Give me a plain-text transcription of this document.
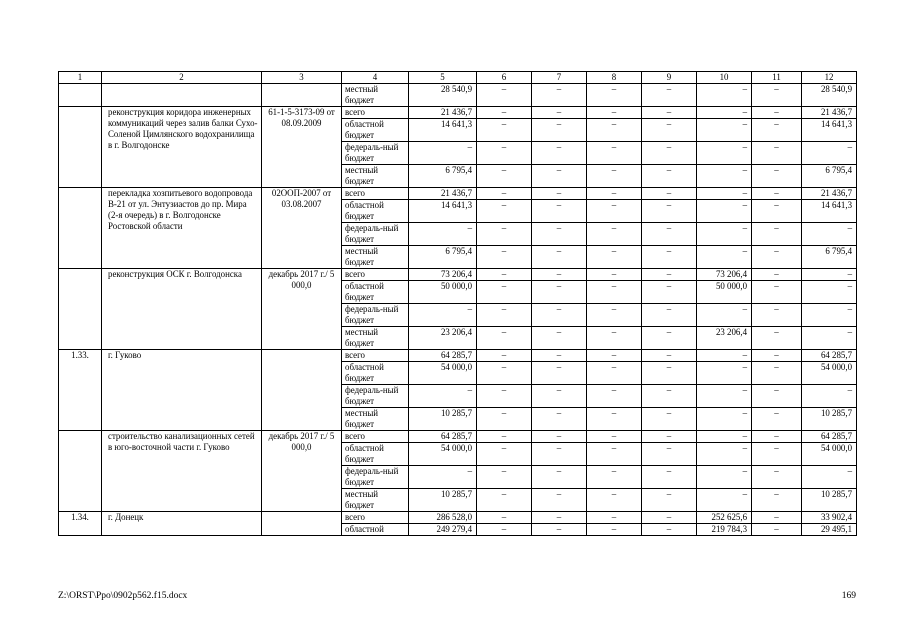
1	2	3	4	5	6	7	8	9	10	11	12
			местный бюджет	28 540,9	–	–	–	–	–	–	28 540,9
	реконструкция коридора инженерных коммуникаций через залив балки Сухо-Соленой Цимлянского водохранилища в г. Волгодонске	61-1-5-3173-09 от 08.09.2009	всего	21 436,7	–	–	–	–	–	–	21 436,7
			областной бюджет	14 641,3	–	–	–	–	–	–	14 641,3
			федераль-ный бюджет	–	–	–	–	–	–	–	–
			местный бюджет	6 795,4	–	–	–	–	–	–	6 795,4
	перекладка хозпитьевого водопровода В-21 от ул. Энтузиастов до пр. Мира (2-я очередь) в г. Волгодонске Ростовской области	02ООП-2007 от 03.08.2007	всего	21 436,7	–	–	–	–	–	–	21 436,7
			областной бюджет	14 641,3	–	–	–	–	–	–	14 641,3
			федераль-ный бюджет	–	–	–	–	–	–	–	–
			местный бюджет	6 795,4	–	–	–	–	–	–	6 795,4
	реконструкция ОСК г. Волгодонска	декабрь 2017 г./ 5 000,0	всего	73 206,4	–	–	–	–	73 206,4	–	–
			областной бюджет	50 000,0	–	–	–	–	50 000,0	–	–
			федераль-ный бюджет	–	–	–	–	–	–	–	–
			местный бюджет	23 206,4	–	–	–	–	23 206,4	–	–
1.33.	г. Гуково		всего	64 285,7	–	–	–	–	–	–	64 285,7
			областной бюджет	54 000,0	–	–	–	–	–	–	54 000,0
			федераль-ный бюджет	–	–	–	–	–	–	–	–
			местный бюджет	10 285,7	–	–	–	–	–	–	10 285,7
	строительство канализационных сетей в юго-восточной части г. Гуково	декабрь 2017 г./ 5 000,0	всего	64 285,7	–	–	–	–	–	–	64 285,7
			областной бюджет	54 000,0	–	–	–	–	–	–	54 000,0
			федераль-ный бюджет	–	–	–	–	–	–	–	–
			местный бюджет	10 285,7	–	–	–	–	–	–	10 285,7
1.34.	г. Донецк		всего	286 528,0	–	–	–	–	252 625,6	–	33 902,4
			областной	249 279,4	–	–	–	–	219 784,3	–	29 495,1
Z:\ORST\Ppo\0902p562.f15.docx	169
